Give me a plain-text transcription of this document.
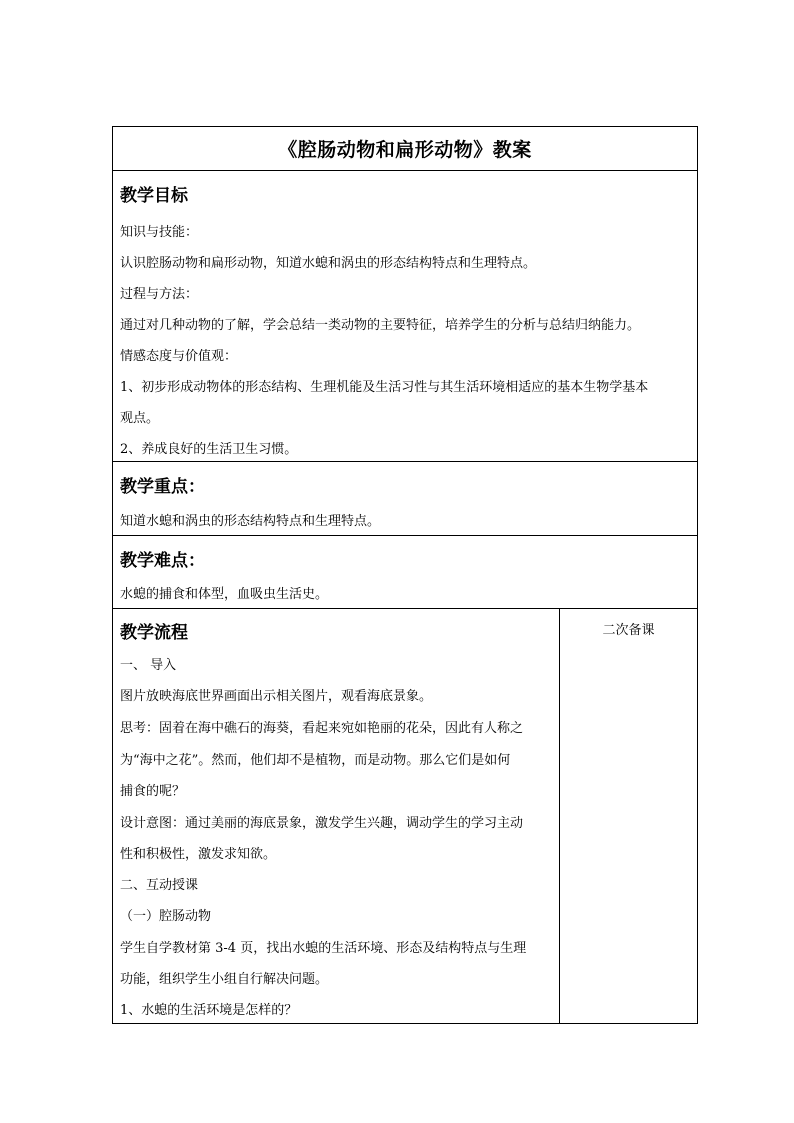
《腔肠动物和扁形动物》教案
教学目标
知识与技能：
认识腔肠动物和扁形动物，知道水螅和涡虫的形态结构特点和生理特点。
过程与方法：
通过对几种动物的了解，学会总结一类动物的主要特征，培养学生的分析与总结归纳能力。
情感态度与价值观：
1、初步形成动物体的形态结构、生理机能及生活习性与其生活环境相适应的基本生物学基本
观点。
2、养成良好的生活卫生习惯。
教学重点：
知道水螅和涡虫的形态结构特点和生理特点。
教学难点：
水螅的捕食和体型，血吸虫生活史。
教学流程
一、 导入
图片放映海底世界画面出示相关图片，观看海底景象。
思考：固着在海中礁石的海葵，看起来宛如艳丽的花朵，因此有人称之
为“海中之花”。然而，他们却不是植物，而是动物。那么它们是如何
捕食的呢？
设计意图：通过美丽的海底景象，激发学生兴趣，调动学生的学习主动
性和积极性，激发求知欲。
二、互动授课
（一）腔肠动物
学生自学教材第 3-4 页，找出水螅的生活环境、形态及结构特点与生理
功能，组织学生小组自行解决问题。
1、水螅的生活环境是怎样的？
二次备课
